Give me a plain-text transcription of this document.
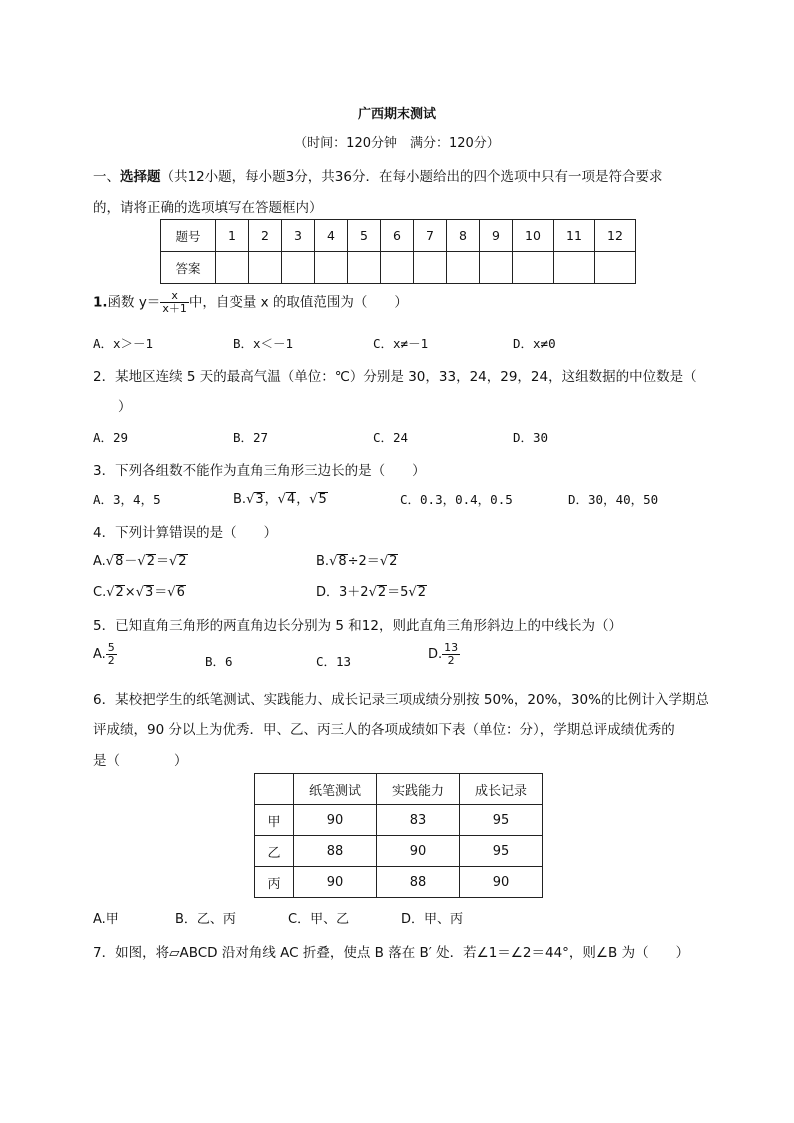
广西期末测试
（时间：120分钟　满分：120分）
一、选择题（共12小题，每小题3分，共36分．在每小题给出的四个选项中只有一项是符合要求
的，请将正确的选项填写在答题框内）
题号	1	2	3	4	5	6	7	8	9	10	11	12
答案												
1.函数 $y= \frac{x}{x+1}$ 中，自变量 x 的取值范围为（　　）
A．x＞－1	B．x＜－1	C．x≠－1	D．x≠0
2．某地区连续 5 天的最高气温（单位：℃）分别是 30，33，24，29，24，这组数据的中位数是（
）
A．29	B．27	C．24	D．30
3．下列各组数不能作为直角三角形三边长的是（　　）
A．3，4，5	B.√3，√4，√5	C．0.3，0.4，0.5	D．30，40，50
4．下列计算错误的是（　　）
A.√8－√2＝√2	B.√8÷2＝√2
C.√2×√3＝√6	D．3＋2√2＝5√2
5．已知直角三角形的两直角边长分别为 5 和12，则此直角三角形斜边上的中线长为（）
A. $\frac{5}{2}$	B．6	C．13	D. $\frac{13}{2}$
6．某校把学生的纸笔测试、实践能力、成长记录三项成绩分别按 50%，20%，30%的比例计入学期总
评成绩，90 分以上为优秀．甲、乙、丙三人的各项成绩如下表（单位：分），学期总评成绩优秀的
是（　　　　）
	纸笔测试	实践能力	成长记录
甲	90	83	95
乙	88	90	95
丙	90	88	90
A.甲	B．乙、丙	C．甲、乙	D．甲、丙
7．如图，将▱ABCD 沿对角线 AC 折叠，使点 B 落在 B′ 处．若∠1＝∠2＝44°，则∠B 为（　　）
